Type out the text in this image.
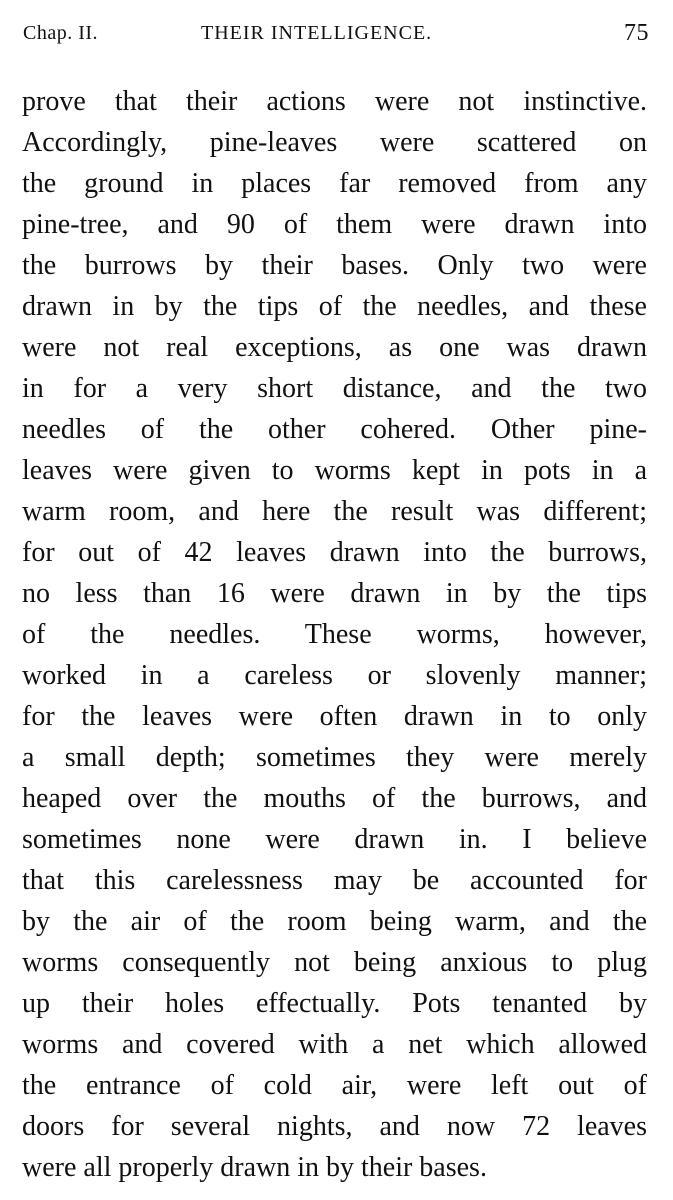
Chap. II.	THEIR INTELLIGENCE.	75
prove that their actions were not instinctive.
Accordingly, pine-leaves were scattered on
the ground in places far removed from any
pine-tree, and 90 of them were drawn into
the burrows by their bases. Only two were
drawn in by the tips of the needles, and these
were not real exceptions, as one was drawn
in for a very short distance, and the two
needles of the other cohered. Other pine-
leaves were given to worms kept in pots in a
warm room, and here the result was different;
for out of 42 leaves drawn into the burrows,
no less than 16 were drawn in by the tips
of the needles. These worms, however,
worked in a careless or slovenly manner;
for the leaves were often drawn in to only
a small depth; sometimes they were merely
heaped over the mouths of the burrows, and
sometimes none were drawn in. I believe
that this carelessness may be accounted for
by the air of the room being warm, and the
worms consequently not being anxious to plug
up their holes effectually. Pots tenanted by
worms and covered with a net which allowed
the entrance of cold air, were left out of
doors for several nights, and now 72 leaves
were all properly drawn in by their bases.
